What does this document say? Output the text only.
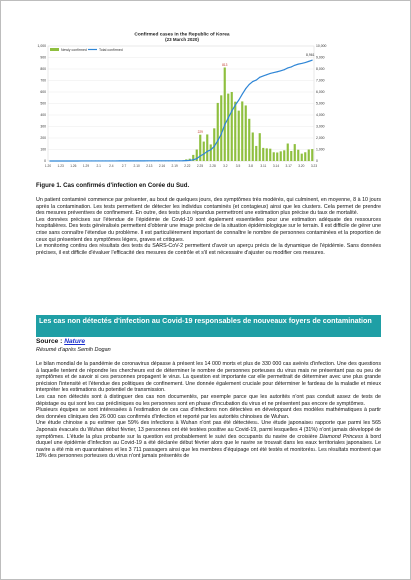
Confirmed cases in the Republic of Korea
(23 March 2020)
0	0
100	1,000
200	2,000
300	3,000
400	4,000
500	5,000
600	6,000
700	7,000
800	8,000
900	9,000
1,000	10,000
229
813
8,961
1.20 1.23 1.26 1.29 2.1	2.4	2.7 2.10 2.13 2.16 2.19 2.22 2.25 2.28 3.2	3.5	3.8 3.11 3.14 3.17 3.20 3.23
Newly confirmed	Total confirmed
Figure 1. Cas confirmés d'infection en Corée du Sud.

Un patient contaminé commence par présenter, au bout de quelques jours, des symptômes très modérés, qui culminent, en moyenne, 8 à 10 jours après la contamination. Les tests permettent de détecter les individus contaminés (et contagieux) ainsi que les clusters. Cela permet de prendre des mesures préventives de confinement. En outre, des tests plus répandus permettront une estimation plus précise du taux de mortalité.

Les données précises sur l'étendue de l'épidémie de Covid-19 sont également essentielles pour une estimation adéquate des ressources hospitalières. Des tests généralisés permettent d'obtenir une image précise de la situation épidémiologique sur le terrain. Il est difficile de gérer une crise sans connaître l'étendue du problème. Il est particulièrement important de connaître le nombre de personnes contaminées et la proportion de ceux qui présentent des symptômes légers, graves et critiques.

Le monitoring continu des résultats des tests du SARS-CoV-2 permettent d'avoir un aperçu précis de la dynamique de l'épidémie. Sans données précises, il est difficile d'évaluer l'efficacité des mesures de contrôle et s'il est nécessaire d'ajuster ou modifier ces mesures.

Les cas non détectés d'infection au Covid-19 responsables de nouveaux foyers de contamination
Source : Nature
Résumé d'après Semih Dogan

Le bilan mondial de la pandémie de coronavirus dépasse à présent les 14 000 morts et plus de 330 000 cas avérés d'infection. Une des questions à laquelle tentent de répondre les chercheurs est de déterminer le nombre de personnes porteuses du virus mais ne présentant pas ou peu de symptômes et de savoir si ces personnes propagent le virus. La question est importante car elle permettrait de déterminer avec une plus grande précision l'intensité et l'étendue des politiques de confinement. Une donnée également cruciale pour déterminer le fardeau de la maladie et mieux interpréter les estimations du potentiel de transmission.

Les cas non détectés sont à distinguer des cas non documentés, par exemple parce que les autorités n'ont pas conduit assez de tests de dépistage ou qui sont les cas précliniques ou les personnes sont en phase d'incubation du virus et ne présentent pas encore de symptômes.

Plusieurs équipes se sont intéressées à l'estimation de ces cas d'infections non détectées en développant des modèles mathématiques à partir des données cliniques des 26 000 cas confirmés d'infection et reporté par les autorités chinoises de Wuhan.

Une étude chinoise a pu estimer que 59% des infections à Wuhan n'ont pas été détectées$^1$. Une étude japonaise$^2$ rapporte que parmi les 565 Japonais évacués du Wuhan début février, 13 personnes ont été testées positive au Covid-19, parmi lesquelles 4 (31%) n'ont jamais développé de symptômes. L'étude la plus probante sur la question est probablement le suivi des occupants du navire de croisière Diamond Princess à bord duquel une épidémie d'infection au Covid-19 a été déclarée début février alors que le navire se trouvait dans les eaux territoriales japonaises. Le navire a été mis en quarantaines et les 3 711 passagers ainsi que les membres d'équipage ont été testés et monitorés$^3$. Les résultats montrent que 18% des personnes porteuses du virus n'ont jamais présentés de
